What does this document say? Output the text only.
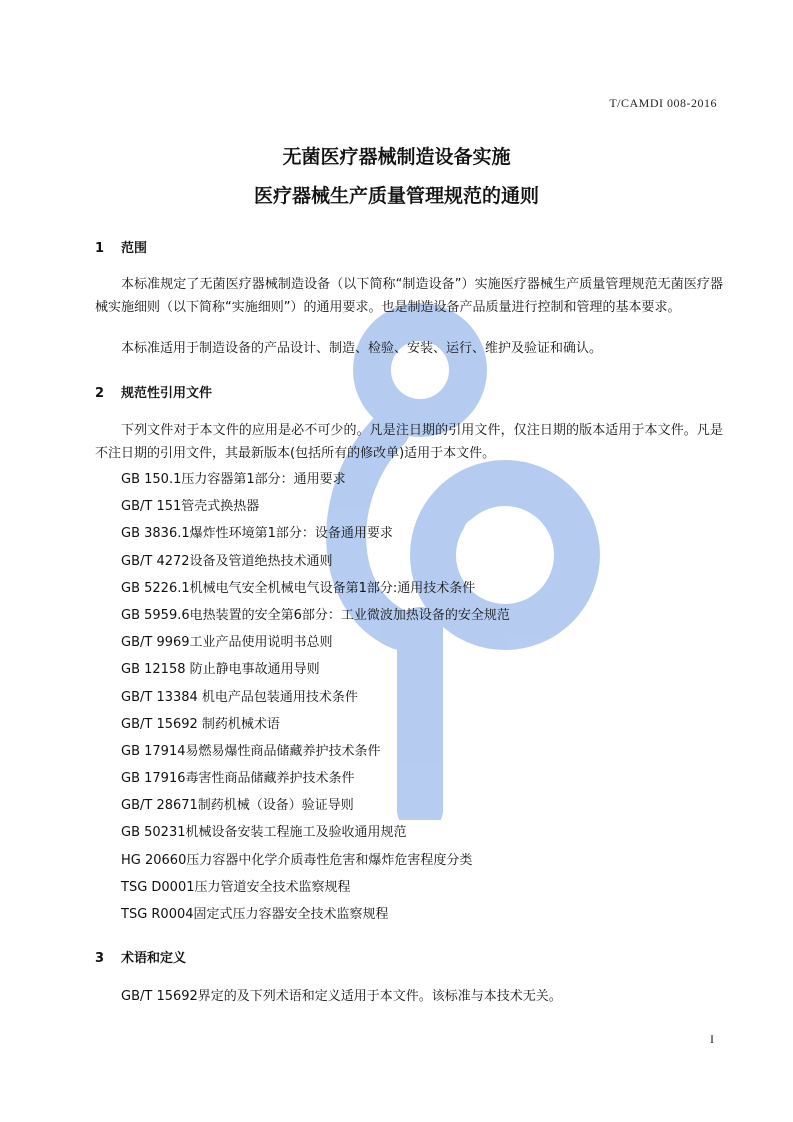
T/CAMDI 008-2016
无菌医疗器械制造设备实施
医疗器械生产质量管理规范的通则
1 范围
本标准规定了无菌医疗器械制造设备（以下简称“制造设备”）实施医疗器械生产质量管理规范无菌医疗器械实施细则（以下简称“实施细则”）的通用要求。也是制造设备产品质量进行控制和管理的基本要求。
本标准适用于制造设备的产品设计、制造、检验、安装、运行、维护及验证和确认。
2 规范性引用文件
下列文件对于本文件的应用是必不可少的。凡是注日期的引用文件，仅注日期的版本适用于本文件。凡是不注日期的引用文件，其最新版本(包括所有的修改单)适用于本文件。
GB 150.1压力容器第1部分：通用要求
GB/T 151管壳式换热器
GB 3836.1爆炸性环境第1部分：设备通用要求
GB/T 4272设备及管道绝热技术通则
GB 5226.1机械电气安全机械电气设备第1部分:通用技术条件
GB 5959.6电热装置的安全第6部分：工业微波加热设备的安全规范
GB/T 9969工业产品使用说明书总则
GB 12158 防止静电事故通用导则
GB/T 13384 机电产品包装通用技术条件
GB/T 15692 制药机械术语
GB 17914易燃易爆性商品储藏养护技术条件
GB 17916毒害性商品储藏养护技术条件
GB/T 28671制药机械（设备）验证导则
GB 50231机械设备安装工程施工及验收通用规范
HG 20660压力容器中化学介质毒性危害和爆炸危害程度分类
TSG D0001压力管道安全技术监察规程
TSG R0004固定式压力容器安全技术监察规程
3 术语和定义
GB/T 15692界定的及下列术语和定义适用于本文件。该标准与本技术无关。
I
